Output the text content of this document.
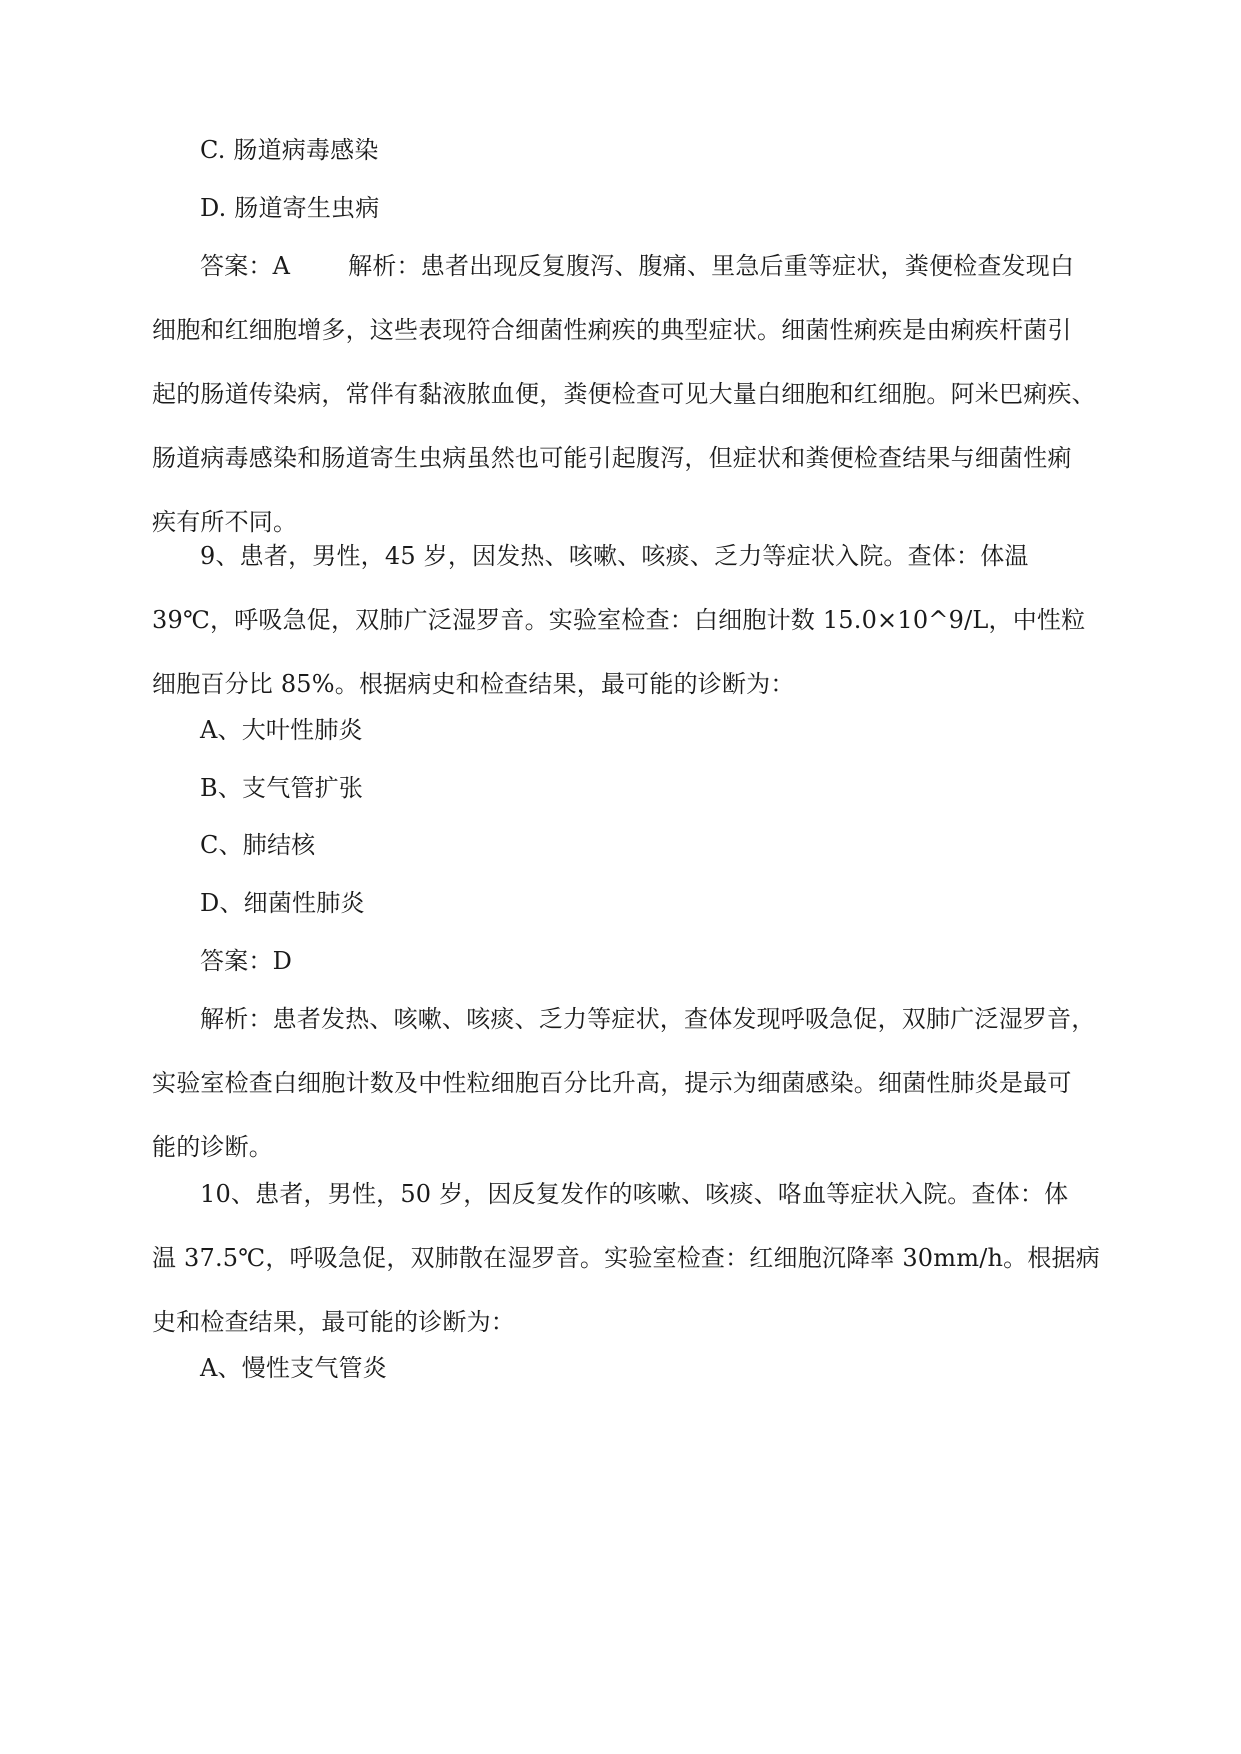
C. 肠道病毒感染

D. 肠道寄生虫病

答案：A 解析：患者出现反复腹泻、腹痛、里急后重等症状，粪便检查发现白
细胞和红细胞增多，这些表现符合细菌性痢疾的典型症状。细菌性痢疾是由痢疾杆菌引
起的肠道传染病，常伴有黏液脓血便，粪便检查可见大量白细胞和红细胞。阿米巴痢疾、
肠道病毒感染和肠道寄生虫病虽然也可能引起腹泻，但症状和粪便检查结果与细菌性痢
疾有所不同。
9、患者，男性，45 岁，因发热、咳嗽、咳痰、乏力等症状入院。查体：体温
39℃，呼吸急促，双肺广泛湿罗音。实验室检查：白细胞计数 15.0×10^9/L，中性粒
细胞百分比 85%。根据病史和检查结果，最可能的诊断为：

A、大叶性肺炎

B、支气管扩张

C、肺结核

D、细菌性肺炎

答案：D

解析：患者发热、咳嗽、咳痰、乏力等症状，查体发现呼吸急促，双肺广泛湿罗音，
实验室检查白细胞计数及中性粒细胞百分比升高，提示为细菌感染。细菌性肺炎是最可
能的诊断。
10、患者，男性，50 岁，因反复发作的咳嗽、咳痰、咯血等症状入院。查体：体
温 37.5℃，呼吸急促，双肺散在湿罗音。实验室检查：红细胞沉降率 30mm/h。根据病
史和检查结果，最可能的诊断为：

A、慢性支气管炎
